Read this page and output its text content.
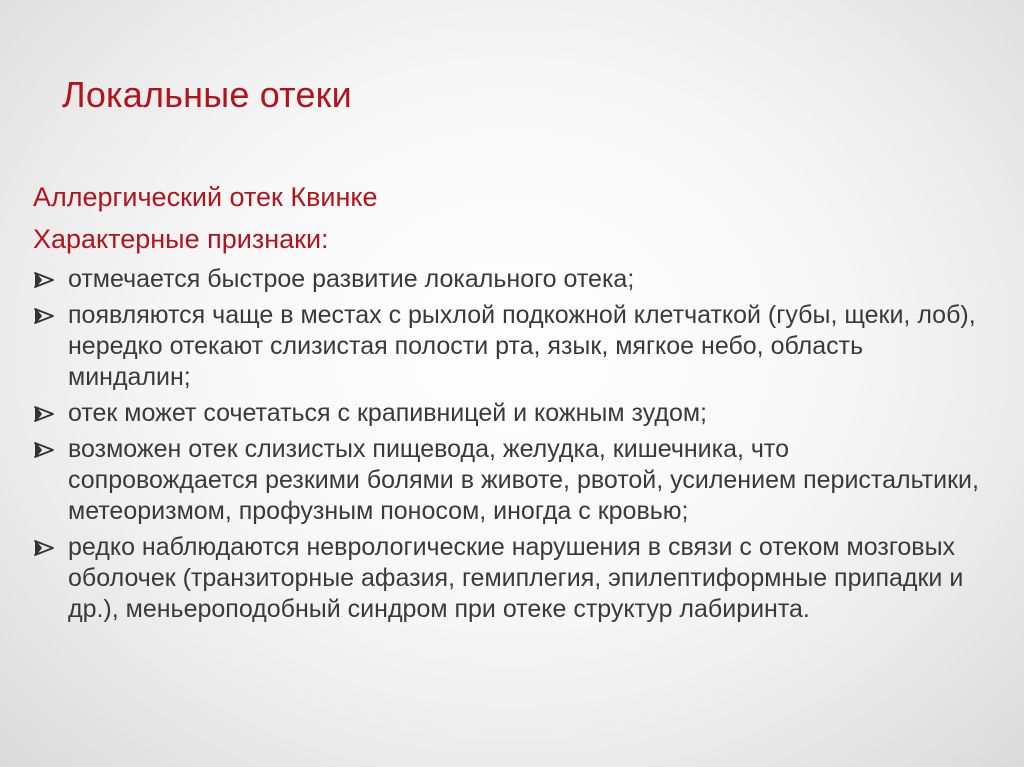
Локальные отеки
Аллергический отек Квинке
Характерные признаки:
отмечается быстрое развитие локального отека;
появляются чаще в местах с рыхлой подкожной клетчаткой (губы, щеки, лоб), нередко отекают слизистая полости рта, язык, мягкое небо, область миндалин;
отек может сочетаться с крапивницей и кожным зудом;
возможен отек слизистых пищевода, желудка, кишечника, что сопровождается резкими болями в животе, рвотой, усилением перистальтики, метеоризмом, профузным поносом, иногда с кровью;
редко наблюдаются неврологические нарушения в связи с отеком мозговых оболочек (транзиторные афазия, гемиплегия, эпилептиформные припадки и др.), меньероподобный синдром при отеке структур лабиринта.
